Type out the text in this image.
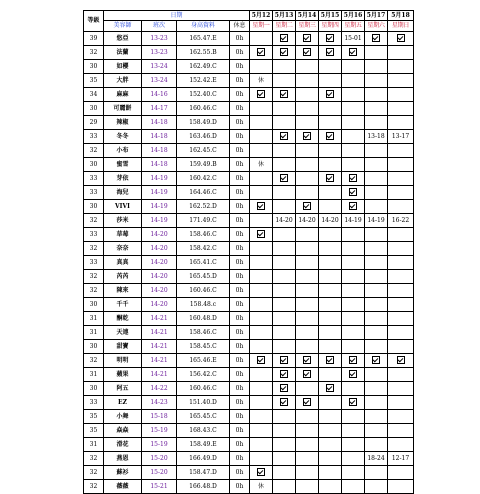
等級	日期				5月12	5月13	5月14	5月15	5月16	5月17	5月18
	美容師	班次	身高資料	休息	星期一	星期二	星期三	星期四	星期五	星期六	星期日
39	悠亞	13-23	165.47.E	0h					15-01		
32	法蘭	13-23	162.55.B	0h							
30	如櫻	13-24	162.49.C	0h							
35	大胖	13-24	152.42.E	0h	休						
34	麻麻	14-16	152.40.C	0h							
30	可麗餅	14-17	160.46.C	0h							
29	辣椒	14-18	158.49.D	0h							
33	冬冬	14-18	163.46.D	0h						13-18	13-17
32	小布	14-18	162.45.C	0h							
30	蜜雪	14-18	159.49.B	0h	休						
33	芽依	14-19	160.42.C	0h							
33	海兒	14-19	164.46.C	0h							
30	VIVI	14-19	162.52.D	0h							
32	莎米	14-19	171.49.C	0h		14-20	14-20	14-20	14-19	14-19	16-22
33	草莓	14-20	158.46.C	0h							
32	奈奈	14-20	158.42.C	0h							
33	真真	14-20	165.41.C	0h							
32	芮芮	14-20	165.45.D	0h							
32	陳來	14-20	160.46.C	0h							
30	千千	14-20	158.48.c	0h							
31	酮乾	14-21	160.48.D	0h							
31	天連	14-21	158.46.C	0h							
30	甜寶	14-21	158.45.C	0h							
32	明明	14-21	165.46.E	0h							
31	蘋果	14-21	156.42.C	0h							
30	阿五	14-22	160.46.C	0h							
33	EZ	14-23	151.40.D	0h							
35	小舞	15-18	165.45.C	0h							
35	焱焱	15-19	168.43.C	0h							
31	滑花	15-19	158.49.E	0h							
32	燕恩	15-20	166.49.D	0h						18-24	12-17
32	蘇衫	15-20	158.47.D	0h							
32	薇薇	15-21	166.48.D	0h	休						
